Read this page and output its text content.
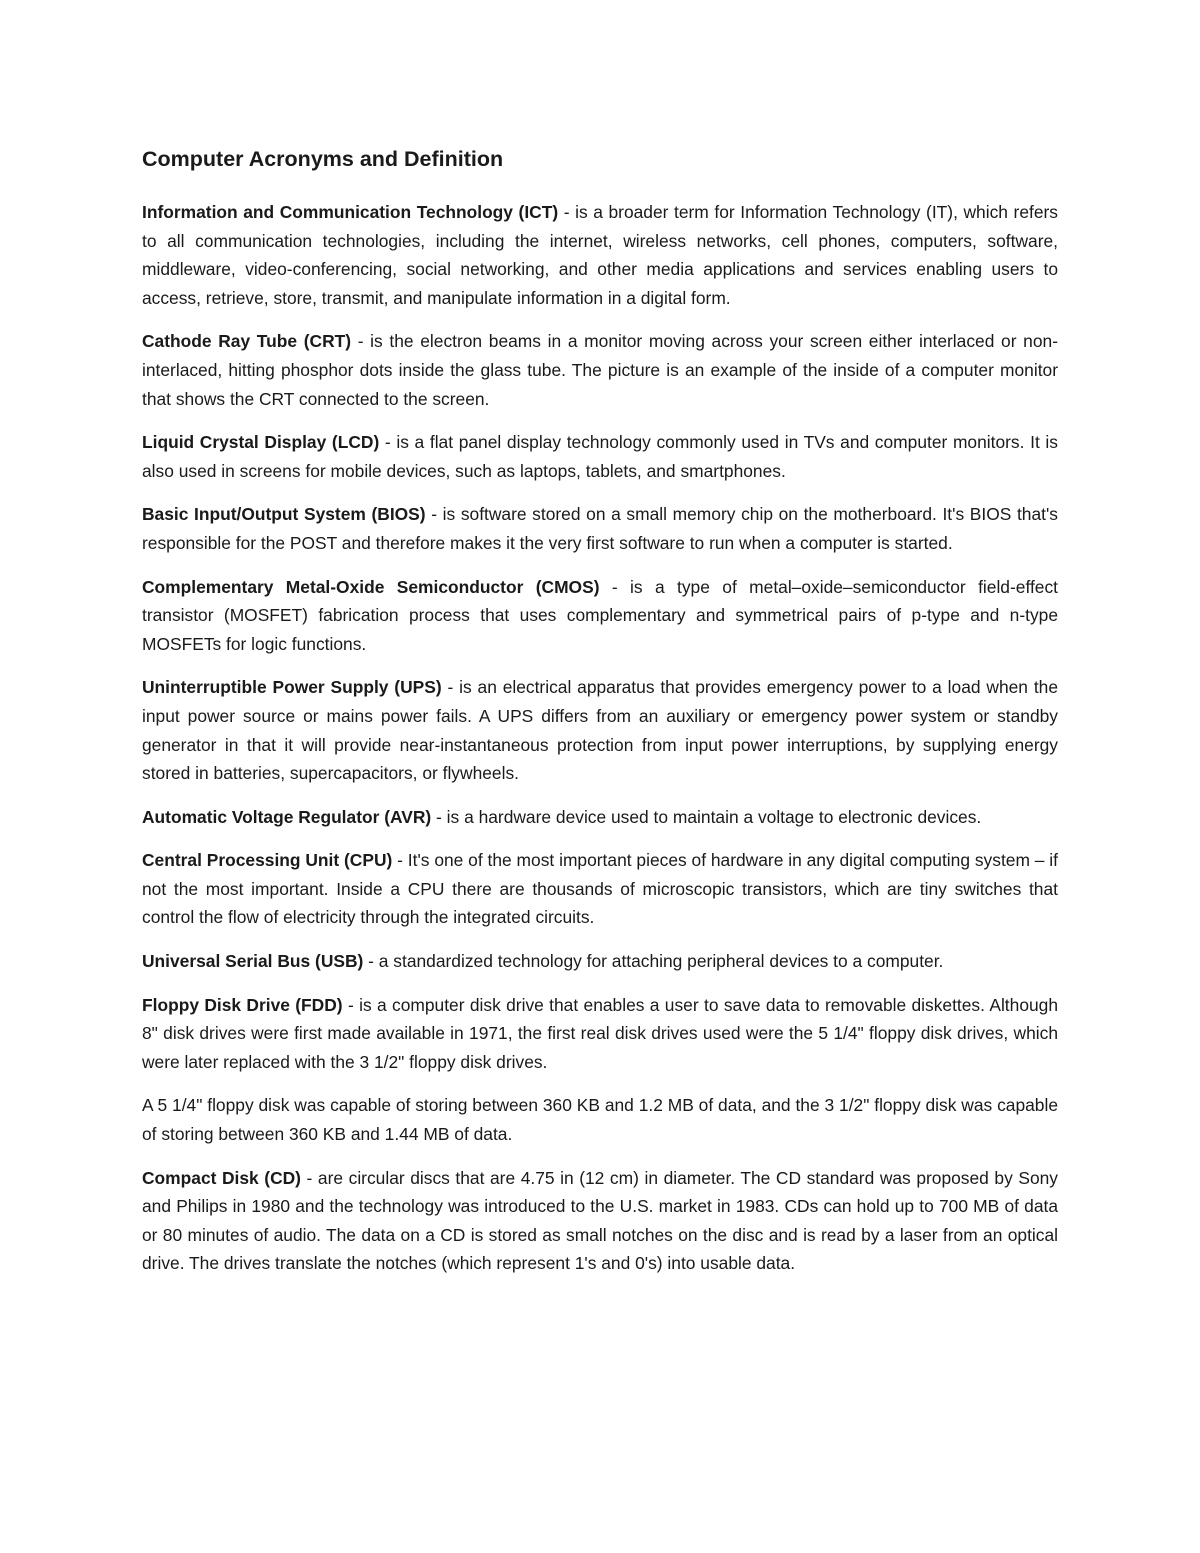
Computer Acronyms and Definition

Information and Communication Technology (ICT) - is a broader term for Information Technology (IT), which refers to all communication technologies, including the internet, wireless networks, cell phones, computers, software, middleware, video-conferencing, social networking, and other media applications and services enabling users to access, retrieve, store, transmit, and manipulate information in a digital form.

Cathode Ray Tube (CRT) - is the electron beams in a monitor moving across your screen either interlaced or non-interlaced, hitting phosphor dots inside the glass tube. The picture is an example of the inside of a computer monitor that shows the CRT connected to the screen.

Liquid Crystal Display (LCD) - is a flat panel display technology commonly used in TVs and computer monitors. It is also used in screens for mobile devices, such as laptops, tablets, and smartphones.

Basic Input/Output System (BIOS) - is software stored on a small memory chip on the motherboard. It's BIOS that's responsible for the POST and therefore makes it the very first software to run when a computer is started.

Complementary Metal-Oxide Semiconductor (CMOS) - is a type of metal–oxide–semiconductor field-effect transistor (MOSFET) fabrication process that uses complementary and symmetrical pairs of p-type and n-type MOSFETs for logic functions.

Uninterruptible Power Supply (UPS) - is an electrical apparatus that provides emergency power to a load when the input power source or mains power fails. A UPS differs from an auxiliary or emergency power system or standby generator in that it will provide near-instantaneous protection from input power interruptions, by supplying energy stored in batteries, supercapacitors, or flywheels.

Automatic Voltage Regulator (AVR) - is a hardware device used to maintain a voltage to electronic devices.

Central Processing Unit (CPU) - It's one of the most important pieces of hardware in any digital computing system – if not the most important. Inside a CPU there are thousands of microscopic transistors, which are tiny switches that control the flow of electricity through the integrated circuits.

Universal Serial Bus (USB) - a standardized technology for attaching peripheral devices to a computer.

Floppy Disk Drive (FDD) - is a computer disk drive that enables a user to save data to removable diskettes. Although 8" disk drives were first made available in 1971, the first real disk drives used were the 5 1/4" floppy disk drives, which were later replaced with the 3 1/2" floppy disk drives.

A 5 1/4" floppy disk was capable of storing between 360 KB and 1.2 MB of data, and the 3 1/2" floppy disk was capable of storing between 360 KB and 1.44 MB of data.

Compact Disk (CD) - are circular discs that are 4.75 in (12 cm) in diameter. The CD standard was proposed by Sony and Philips in 1980 and the technology was introduced to the U.S. market in 1983. CDs can hold up to 700 MB of data or 80 minutes of audio. The data on a CD is stored as small notches on the disc and is read by a laser from an optical drive. The drives translate the notches (which represent 1's and 0's) into usable data.
